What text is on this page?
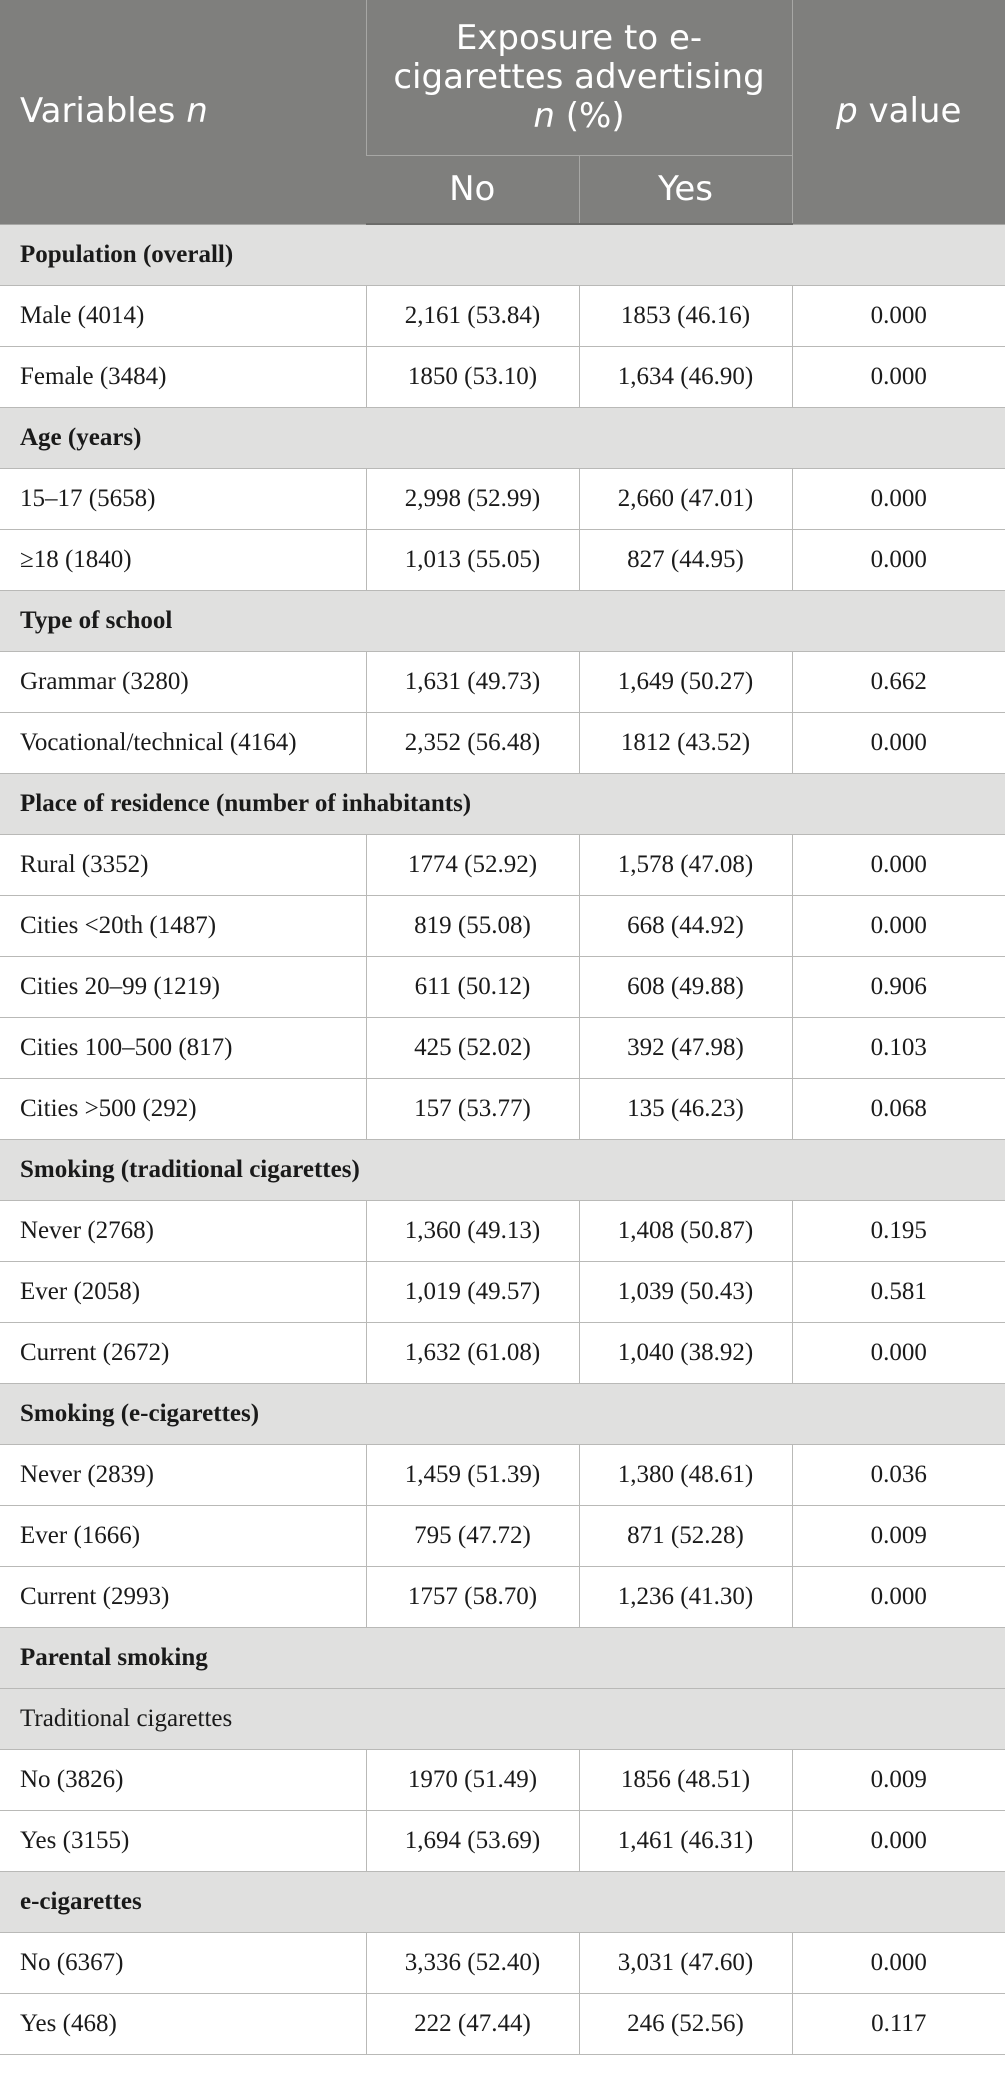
Variables n	Exposure to e-cigarettes advertising n (%)		p value
	No	Yes	
Population (overall)			
Male (4014)	2,161 (53.84)	1853 (46.16)	0.000
Female (3484)	1850 (53.10)	1,634 (46.90)	0.000
Age (years)			
15–17 (5658)	2,998 (52.99)	2,660 (47.01)	0.000
≥18 (1840)	1,013 (55.05)	827 (44.95)	0.000
Type of school			
Grammar (3280)	1,631 (49.73)	1,649 (50.27)	0.662
Vocational/technical (4164)	2,352 (56.48)	1812 (43.52)	0.000
Place of residence (number of inhabitants)			
Rural (3352)	1774 (52.92)	1,578 (47.08)	0.000
Cities <20th (1487)	819 (55.08)	668 (44.92)	0.000
Cities 20–99 (1219)	611 (50.12)	608 (49.88)	0.906
Cities 100–500 (817)	425 (52.02)	392 (47.98)	0.103
Cities >500 (292)	157 (53.77)	135 (46.23)	0.068
Smoking (traditional cigarettes)			
Never (2768)	1,360 (49.13)	1,408 (50.87)	0.195
Ever (2058)	1,019 (49.57)	1,039 (50.43)	0.581
Current (2672)	1,632 (61.08)	1,040 (38.92)	0.000
Smoking (e-cigarettes)			
Never (2839)	1,459 (51.39)	1,380 (48.61)	0.036
Ever (1666)	795 (47.72)	871 (52.28)	0.009
Current (2993)	1757 (58.70)	1,236 (41.30)	0.000
Parental smoking			
Traditional cigarettes			
No (3826)	1970 (51.49)	1856 (48.51)	0.009
Yes (3155)	1,694 (53.69)	1,461 (46.31)	0.000
e-cigarettes			
No (6367)	3,336 (52.40)	3,031 (47.60)	0.000
Yes (468)	222 (47.44)	246 (52.56)	0.117
